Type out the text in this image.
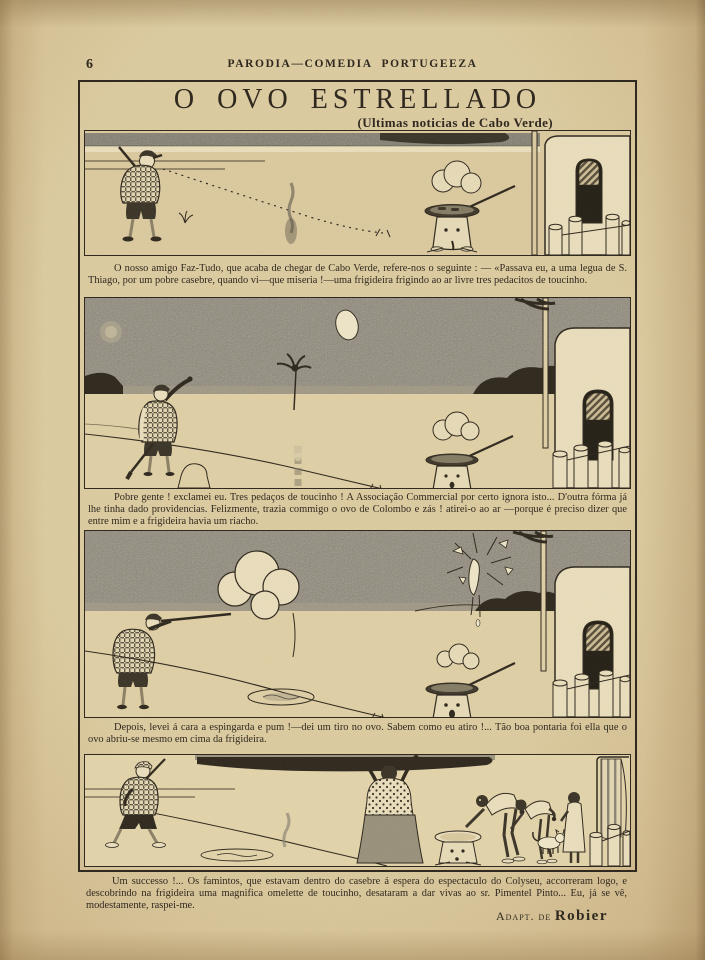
6	PARODIA—COMEDIA PORTUGEEZA
O OVO ESTRELLADO
(Ultimas noticias de Cabo Verde)
O nosso amigo Faz-Tudo, que acaba de chegar de Cabo Verde, refere-nos o seguinte : — «Passava eu, a uma legua de S. Thiago, por um pobre casebre, quando vi—que miseria !—uma frigideira frigindo ao ar livre tres pedacitos de toucinho.
Pobre gente ! exclamei eu. Tres pedaços de toucinho ! A Associação Commercial por certo ignora isto... D'outra fórma já lhe tinha dado providencias. Felizmente, trazia commigo o ovo de Colombo e zás ! atirei-o ao ar —porque é preciso dizer que entre mim e a frigideira havia um riacho.
Depois, levei á cara a espingarda e pum !—dei um tiro no ovo. Sabem como eu atiro !... Tão boa pontaria foi ella que o ovo abriu-se mesmo em cima da frigideira.
Um successo !... Os famintos, que estavam dentro do casebre á espera do espectaculo do Colyseu, accorreram logo, e descobrindo na frigideira uma magnifica omelette de toucinho, desataram a dar vivas ao sr. Pimentel Pinto... Eu, já se vê, modestamente, raspei-me.
Adapt. de Robier
